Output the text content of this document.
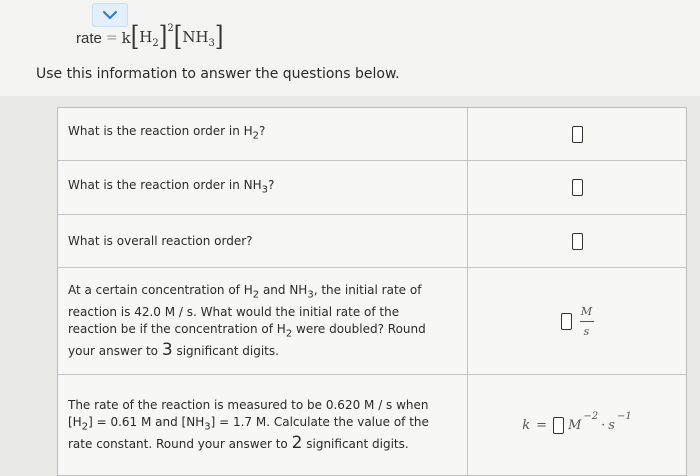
rate = k [ $H_2$ ]$^2$ [ $NH_3$ ]
Use this information to answer the questions below.
What is the reaction order in $H_2$?
What is the reaction order in $NH_3$?
What is overall reaction order?
At a certain concentration of $H_2$ and $NH_3$, the initial rate of
reaction is 42.0 M / s. What would the initial rate of the
reaction be if the concentration of $H_2$ were doubled? Round
your answer to 3 significant digits.
$\frac{M}{s}$
The rate of the reaction is measured to be 0.620 M / s when
$[H_2] = 0.61$ M and $[NH_3] = 1.7$ M. Calculate the value of the
rate constant. Round your answer to 2 significant digits.
k = M
−2
· s
−1
